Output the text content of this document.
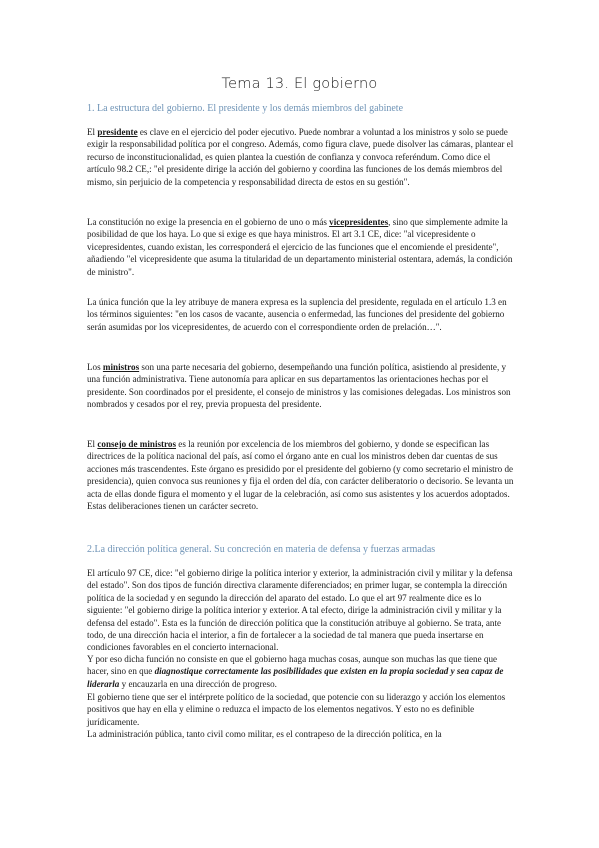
Tema 13. El gobierno
1. La estructura del gobierno. El presidente y los demás miembros del gabinete
El presidente es clave en el ejercicio del poder ejecutivo. Puede nombrar a voluntad a los ministros y solo se puede exigir la responsabilidad política por el congreso. Además, como figura clave, puede disolver las cámaras, plantear el recurso de inconstitucionalidad, es quien plantea la cuestión de confianza y convoca referéndum. Como dice el artículo 98.2 CE,: "el presidente dirige la acción del gobierno y coordina las funciones de los demás miembros del mismo, sin perjuicio de la competencia y responsabilidad directa de estos en su gestión".
La constitución no exige la presencia en el gobierno de uno o más vicepresidentes, sino que simplemente admite la posibilidad de que los haya. Lo que si exige es que haya ministros. El art 3.1 CE, dice: "al vicepresidente o vicepresidentes, cuando existan, les corresponderá el ejercicio de las funciones que el encomiende el presidente", añadiendo "el vicepresidente que asuma la titularidad de un departamento ministerial ostentara, además, la condición de ministro".
La única función que la ley atribuye de manera expresa es la suplencia del presidente, regulada en el artículo 1.3 en los términos siguientes: "en los casos de vacante, ausencia o enfermedad, las funciones del presidente del gobierno serán asumidas por los vicepresidentes, de acuerdo con el correspondiente orden de prelación…".
Los ministros son una parte necesaria del gobierno, desempeñando una función política, asistiendo al presidente, y una función administrativa. Tiene autonomía para aplicar en sus departamentos las orientaciones hechas por el presidente. Son coordinados por el presidente, el consejo de ministros y las comisiones delegadas. Los ministros son nombrados y cesados por el rey, previa propuesta del presidente.
El consejo de ministros es la reunión por excelencia de los miembros del gobierno, y donde se especifican las directrices de la política nacional del país, así como el órgano ante en cual los ministros deben dar cuentas de sus acciones más trascendentes. Este órgano es presidido por el presidente del gobierno (y como secretario el ministro de presidencia), quien convoca sus reuniones y fija el orden del día, con carácter deliberatorio o decisorio. Se levanta un acta de ellas donde figura el momento y el lugar de la celebración, así como sus asistentes y los acuerdos adoptados. Estas deliberaciones tienen un carácter secreto.
2.La dirección política general. Su concreción en materia de defensa y fuerzas armadas
El artículo 97 CE, dice: "el gobierno dirige la política interior y exterior, la administración civil y militar y la defensa del estado". Son dos tipos de función directiva claramente diferenciados; en primer lugar, se contempla la dirección política de la sociedad y en segundo la dirección del aparato del estado. Lo que el art 97 realmente dice es lo siguiente: "el gobierno dirige la política interior y exterior. A tal efecto, dirige la administración civil y militar y la defensa del estado". Esta es la función de dirección política que la constitución atribuye al gobierno. Se trata, ante todo, de una dirección hacia el interior, a fin de fortalecer a la sociedad de tal manera que pueda insertarse en condiciones favorables en el concierto internacional.
Y por eso dicha función no consiste en que el gobierno haga muchas cosas, aunque son muchas las que tiene que hacer, sino en que diagnostique correctamente las posibilidades que existen en la propia sociedad y sea capaz de liderarla y encauzarla en una dirección de progreso.
El gobierno tiene que ser el intérprete político de la sociedad, que potencie con su liderazgo y acción los elementos positivos que hay en ella y elimine o reduzca el impacto de los elementos negativos. Y esto no es definible jurídicamente.
La administración pública, tanto civil como militar, es el contrapeso de la dirección política, en la
